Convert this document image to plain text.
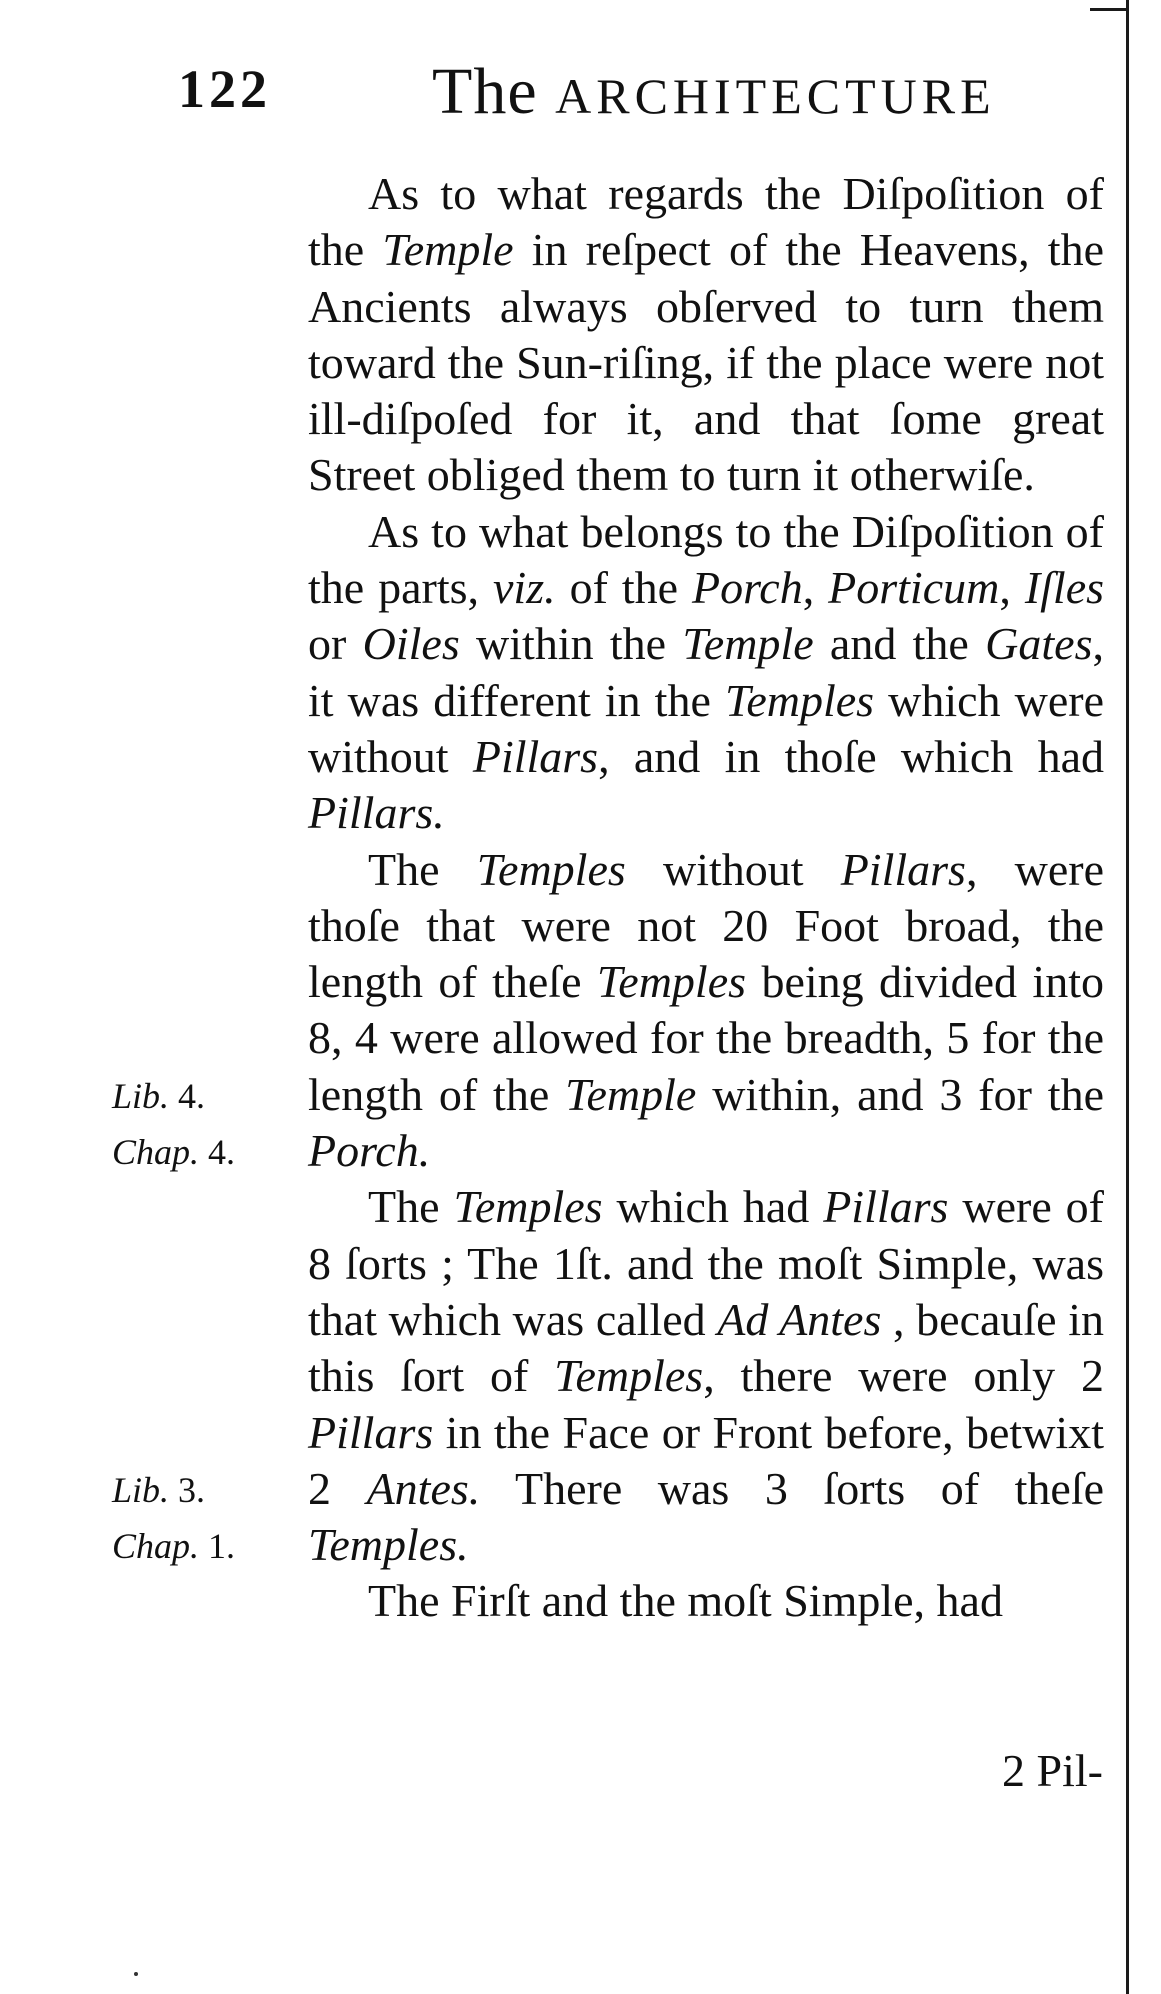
122 The ARCHITECTURE
Lib. 4.
Chap. 4.
Lib. 3.
Chap. 1.

As to what regards the Diſpoſition of the Temple in reſpect of the Heavens, the Ancients always obſerved to turn them toward the Sun-riſing, if the place were not ill-diſpoſed for it, and that ſome great Street obliged them to turn it otherwiſe.

As to what belongs to the Diſpoſition of the parts, viz. of the Porch, Porticum, Iſles or Oiles within the Temple and the Gates, it was different in the Temples which were without Pillars, and in thoſe which had Pillars.

The Temples without Pillars, were thoſe that were not 20 Foot broad, the length of theſe Temples being divided into 8, 4 were allowed for the breadth, 5 for the length of the Temple within, and 3 for the Porch.

The Temples which had Pillars were of 8 ſorts ; The 1ſt. and the moſt Simple, was that which was called Ad Antes , becauſe in this ſort of Temples, there were only 2 Pillars in the Face or Front before, betwixt 2 Antes. There was 3 ſorts of theſe Temples.

The Firſt and the moſt Simple, had

2 Pil-
